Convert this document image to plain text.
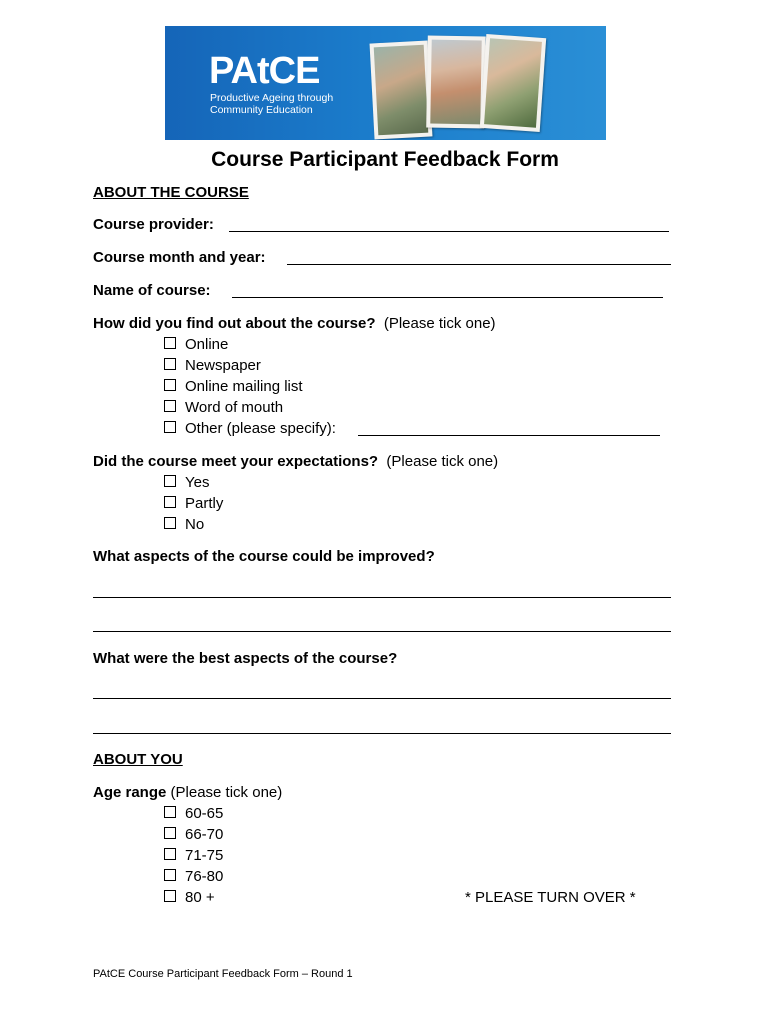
PAtCE
Productive Ageing through
Community Education
Course Participant Feedback Form
ABOUT THE COURSE
Course provider:
Course month and year:
Name of course:
How did you find out about the course? (Please tick one)
Online
Newspaper
Online mailing list
Word of mouth
Other (please specify):
Did the course meet your expectations? (Please tick one)
Yes
Partly
No
What aspects of the course could be improved?
What were the best aspects of the course?
ABOUT YOU
Age range (Please tick one)
60-65
66-70
71-75
76-80
80 +	* PLEASE TURN OVER *
PAtCE Course Participant Feedback Form – Round 1
